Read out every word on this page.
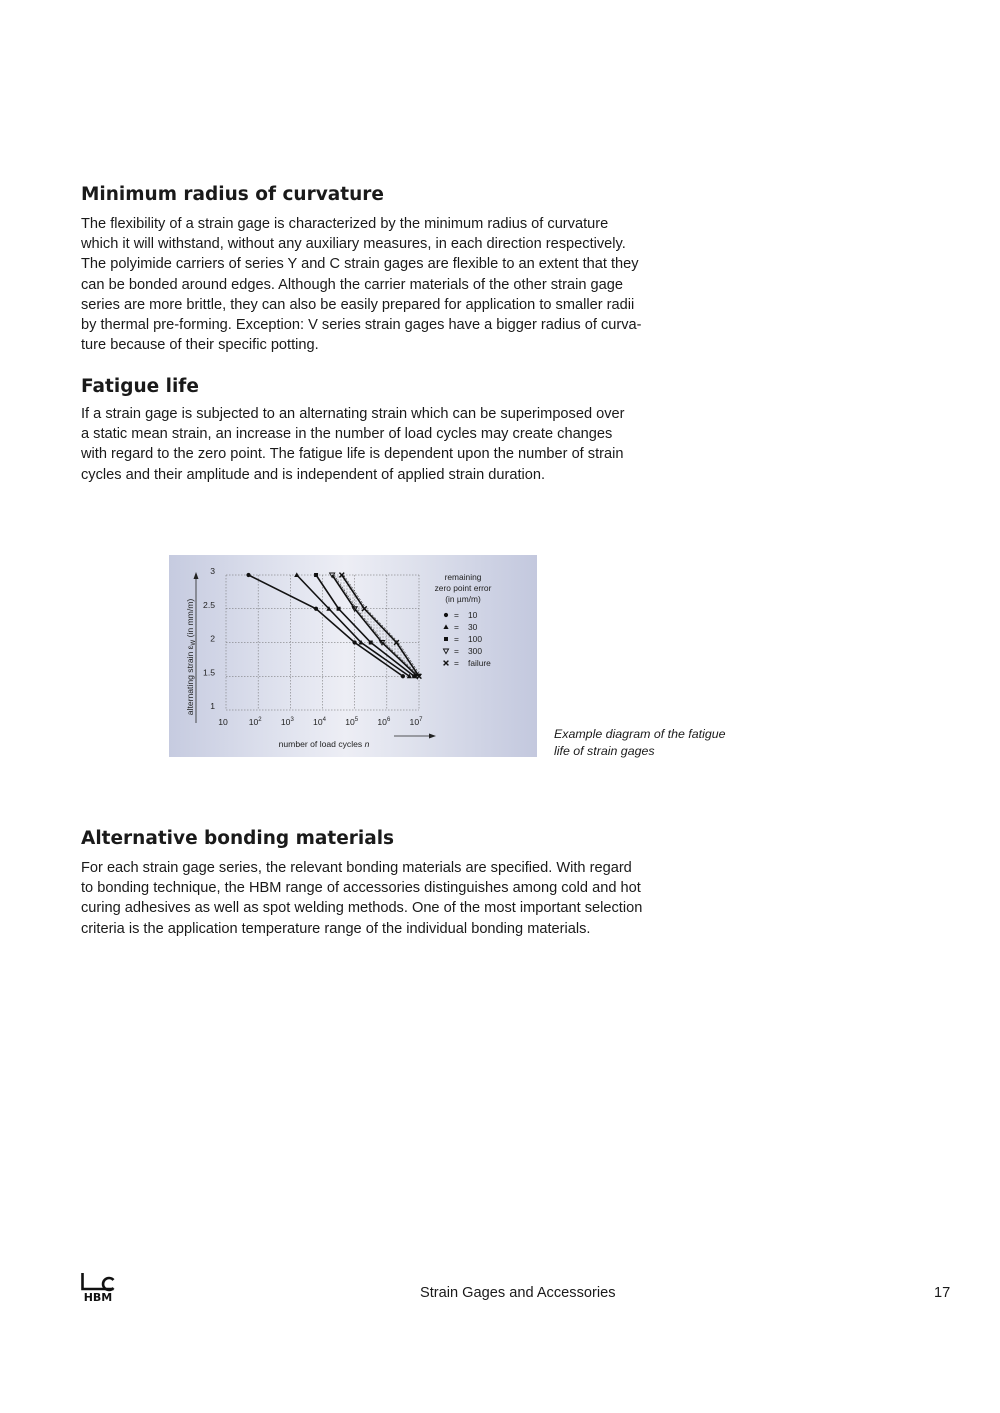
Minimum radius of curvature
The flexibility of a strain gage is characterized by the minimum radius of curvature
which it will withstand, without any auxiliary measures, in each direction respectively.
The polyimide carriers of series Y and C strain gages are flexible to an extent that they
can be bonded around edges. Although the carrier materials of the other strain gage
series are more brittle, they can also be easily prepared for application to smaller radii
by thermal pre-forming. Exception: V series strain gages have a bigger radius of curva-
ture because of their specific potting.
Fatigue life
If a strain gage is subjected to an alternating strain which can be superimposed over
a static mean strain, an increase in the number of load cycles may create changes
with regard to the zero point. The fatigue life is dependent upon the number of strain
cycles and their amplitude and is independent of applied strain duration.
3
2.5
2
1.5
1
10 $10^2$ $10^3$ $10^4$ $10^5$ $10^6$ $10^7$
number of load cycles n
alternating strain $\varepsilon_W$ (in mm/m)
remaining
zero point error
(in µm/m)
= 10
= 30
= 100
= 300
= failure
Example diagram of the fatigue
life of strain gages
Alternative bonding materials
For each strain gage series, the relevant bonding materials are specified. With regard
to bonding technique, the HBM range of accessories distinguishes among cold and hot
curing adhesives as well as spot welding methods. One of the most important selection
criteria is the application temperature range of the individual bonding materials.
HBM	Strain Gages and Accessories	17
